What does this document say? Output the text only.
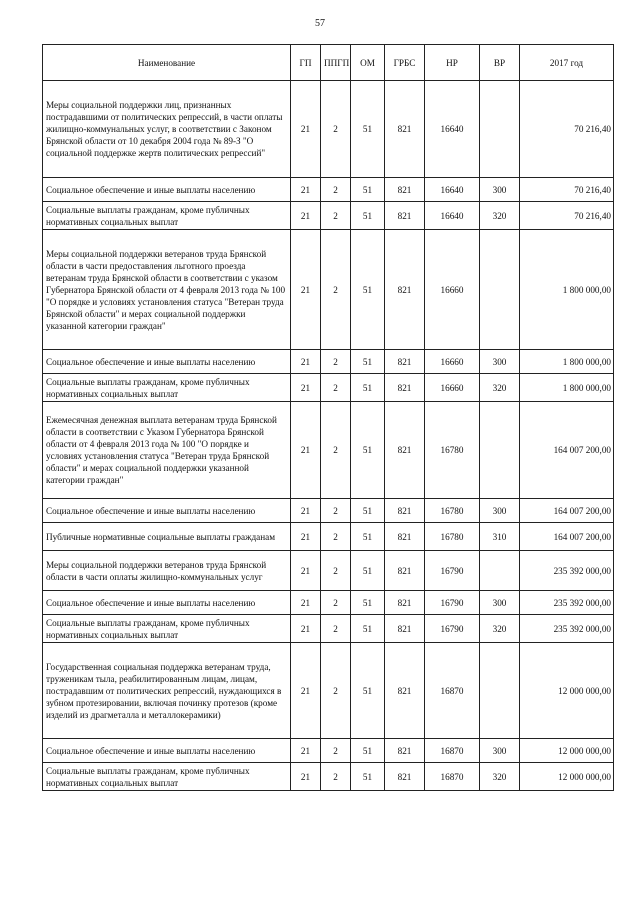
57
Наименование	ГП	ППГП	ОМ	ГРБС	НР	ВР	2017 год
Меры социальной поддержки лиц, признанных пострадавшими от политических репрессий, в части оплаты жилищно-коммунальных услуг, в соответствии с Законом Брянской области от 10 декабря 2004 года № 89-З "О социальной поддержке жертв политических репрессий"	21	2	51	821	16640		70 216,40
Социальное обеспечение и иные выплаты населению	21	2	51	821	16640	300	70 216,40
Социальные выплаты гражданам, кроме публичных нормативных социальных выплат	21	2	51	821	16640	320	70 216,40
Меры социальной поддержки ветеранов труда Брянской области в части предоставления льготного проезда ветеранам труда Брянской области в соответствии с указом Губернатора Брянской области от 4 февраля 2013 года № 100 "О порядке и условиях установления статуса "Ветеран труда Брянской области" и мерах социальной поддержки указанной категории граждан"	21	2	51	821	16660		1 800 000,00
Социальное обеспечение и иные выплаты населению	21	2	51	821	16660	300	1 800 000,00
Социальные выплаты гражданам, кроме публичных нормативных социальных выплат	21	2	51	821	16660	320	1 800 000,00
Ежемесячная денежная выплата ветеранам труда Брянской области в соответствии с Указом Губернатора Брянской области от 4 февраля 2013 года № 100 "О порядке и условиях установления статуса "Ветеран труда Брянской области" и мерах социальной поддержки указанной категории граждан"	21	2	51	821	16780		164 007 200,00
Социальное обеспечение и иные выплаты населению	21	2	51	821	16780	300	164 007 200,00
Публичные нормативные социальные выплаты гражданам	21	2	51	821	16780	310	164 007 200,00
Меры социальной поддержки ветеранов труда Брянской области в части оплаты жилищно-коммунальных услуг	21	2	51	821	16790		235 392 000,00
Социальное обеспечение и иные выплаты населению	21	2	51	821	16790	300	235 392 000,00
Социальные выплаты гражданам, кроме публичных нормативных социальных выплат	21	2	51	821	16790	320	235 392 000,00
Государственная социальная поддержка ветеранам труда, труженикам тыла, реабилитированным лицам, лицам, пострадавшим от политических репрессий, нуждающихся в зубном протезировании, включая починку протезов (кроме изделий из драгметалла и металлокерамики)	21	2	51	821	16870		12 000 000,00
Социальное обеспечение и иные выплаты населению	21	2	51	821	16870	300	12 000 000,00
Социальные выплаты гражданам, кроме публичных нормативных социальных выплат	21	2	51	821	16870	320	12 000 000,00
